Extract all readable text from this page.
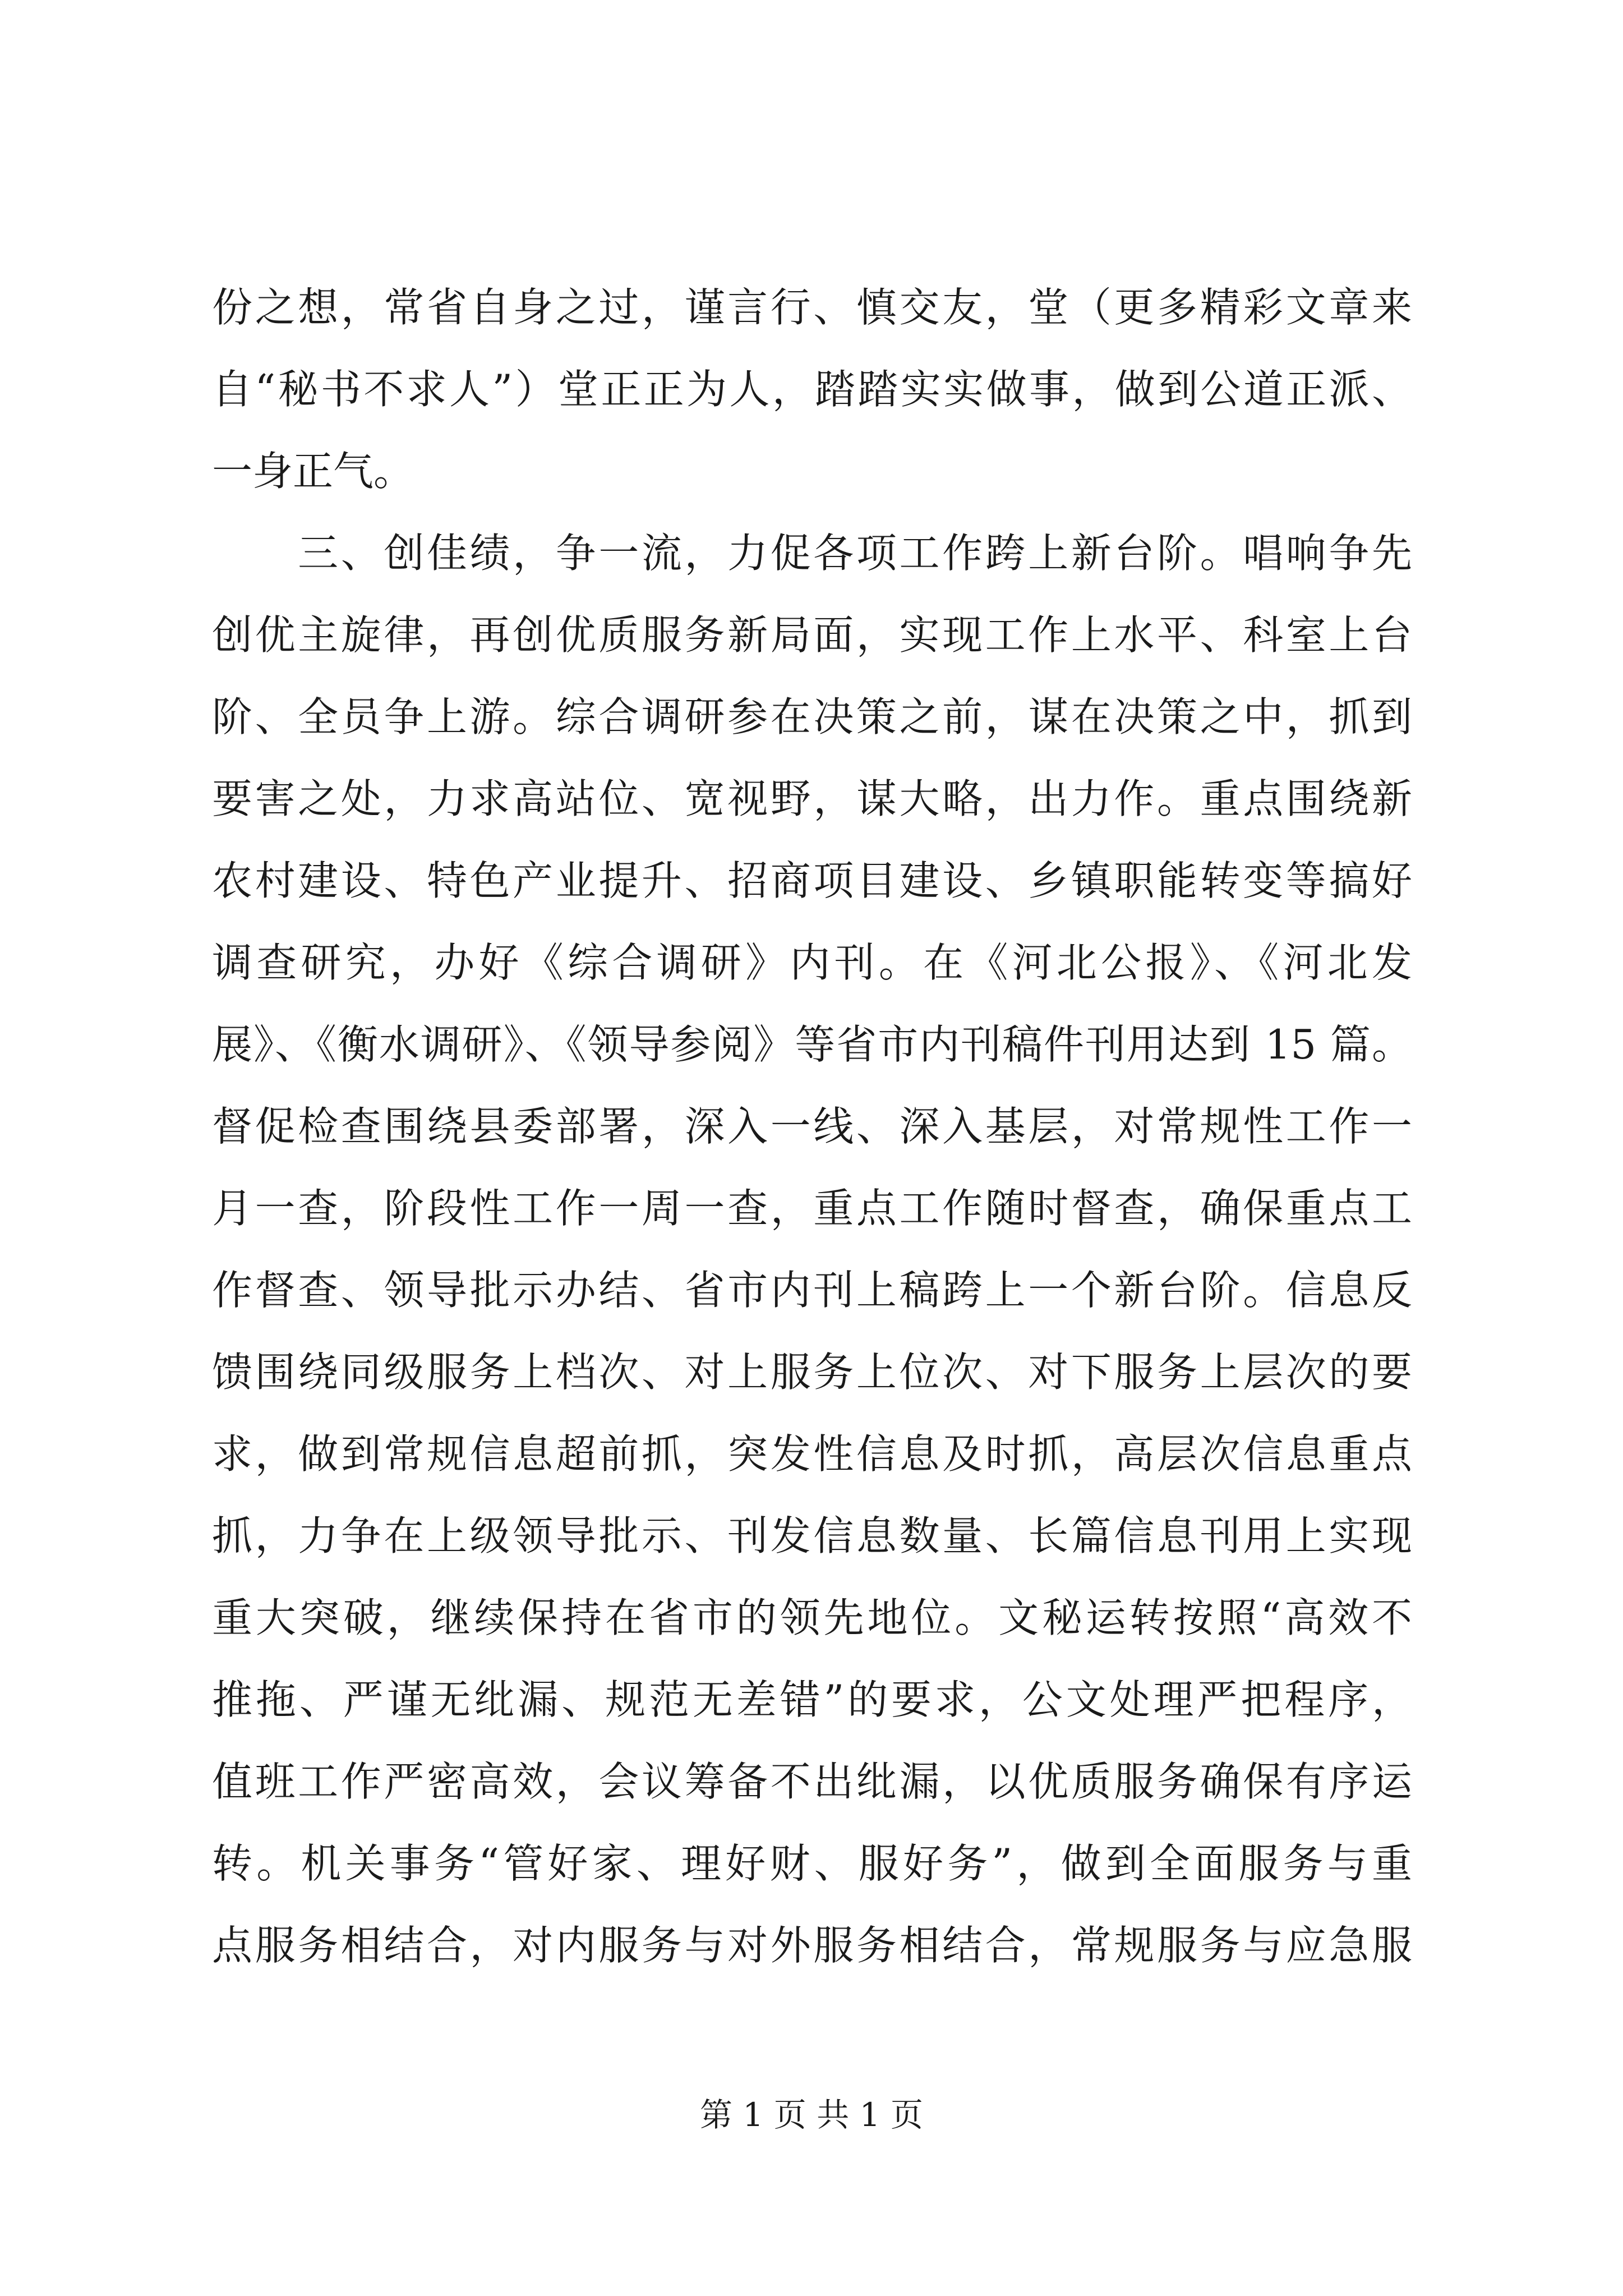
份之想，常省自身之过，谨言行、慎交友，堂（更多精彩文章来
自“秘书不求人”）堂正正为人，踏踏实实做事，做到公道正派、
一身正气。
　　三、创佳绩，争一流，力促各项工作跨上新台阶。唱响争先
创优主旋律，再创优质服务新局面，实现工作上水平、科室上台
阶、全员争上游。综合调研参在决策之前，谋在决策之中，抓到
要害之处，力求高站位、宽视野，谋大略，出力作。重点围绕新
农村建设、特色产业提升、招商项目建设、乡镇职能转变等搞好
调查研究，办好《综合调研》内刊。在《河北公报》、《河北发
展》、《衡水调研》、《领导参阅》等省市内刊稿件刊用达到 15 篇。
督促检查围绕县委部署，深入一线、深入基层，对常规性工作一
月一查，阶段性工作一周一查，重点工作随时督查，确保重点工
作督查、领导批示办结、省市内刊上稿跨上一个新台阶。信息反
馈围绕同级服务上档次、对上服务上位次、对下服务上层次的要
求，做到常规信息超前抓，突发性信息及时抓，高层次信息重点
抓，力争在上级领导批示、刊发信息数量、长篇信息刊用上实现
重大突破，继续保持在省市的领先地位。文秘运转按照“高效不
推拖、严谨无纰漏、规范无差错”的要求，公文处理严把程序，
值班工作严密高效，会议筹备不出纰漏，以优质服务确保有序运
转。机关事务“管好家、理好财、服好务”，做到全面服务与重
点服务相结合，对内服务与对外服务相结合，常规服务与应急服
第 1 页 共 1 页
